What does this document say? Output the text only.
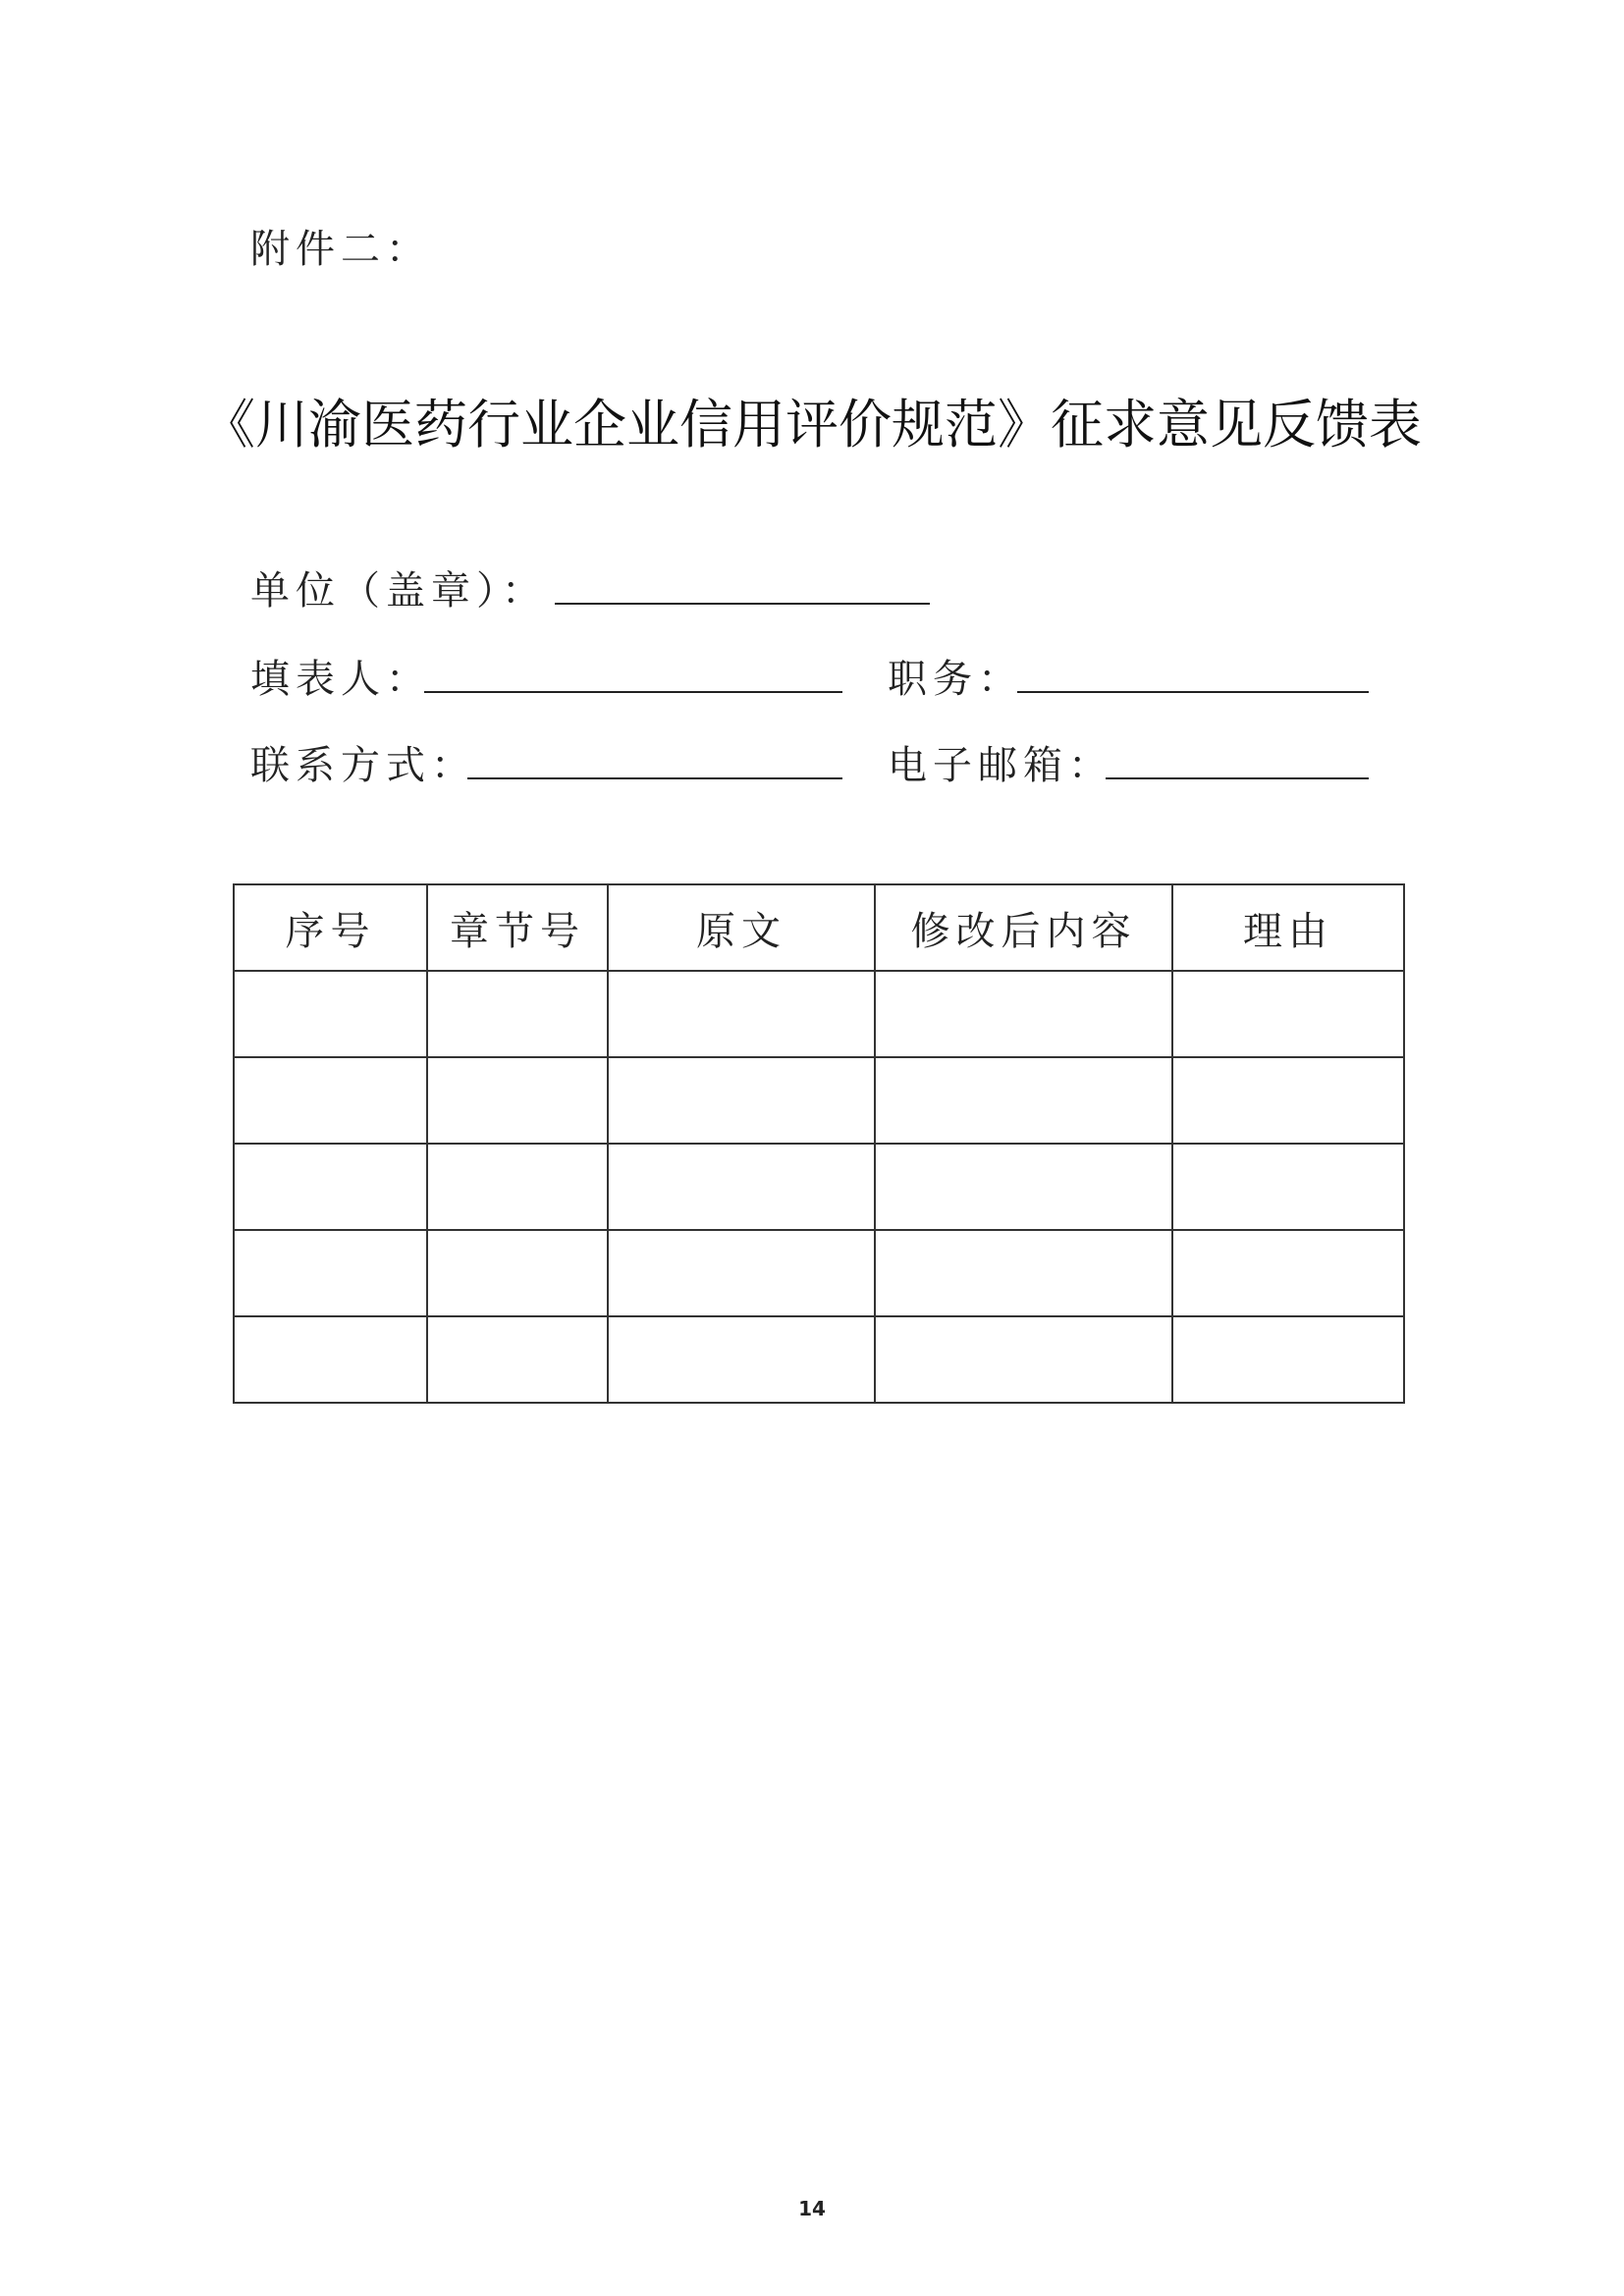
附件二：
《川渝医药行业企业信用评价规范》征求意见反馈表
单位（盖章）：
填表人：	职务：
联系方式：	电子邮箱：
序号	章节号	原文	修改后内容	理由

14
